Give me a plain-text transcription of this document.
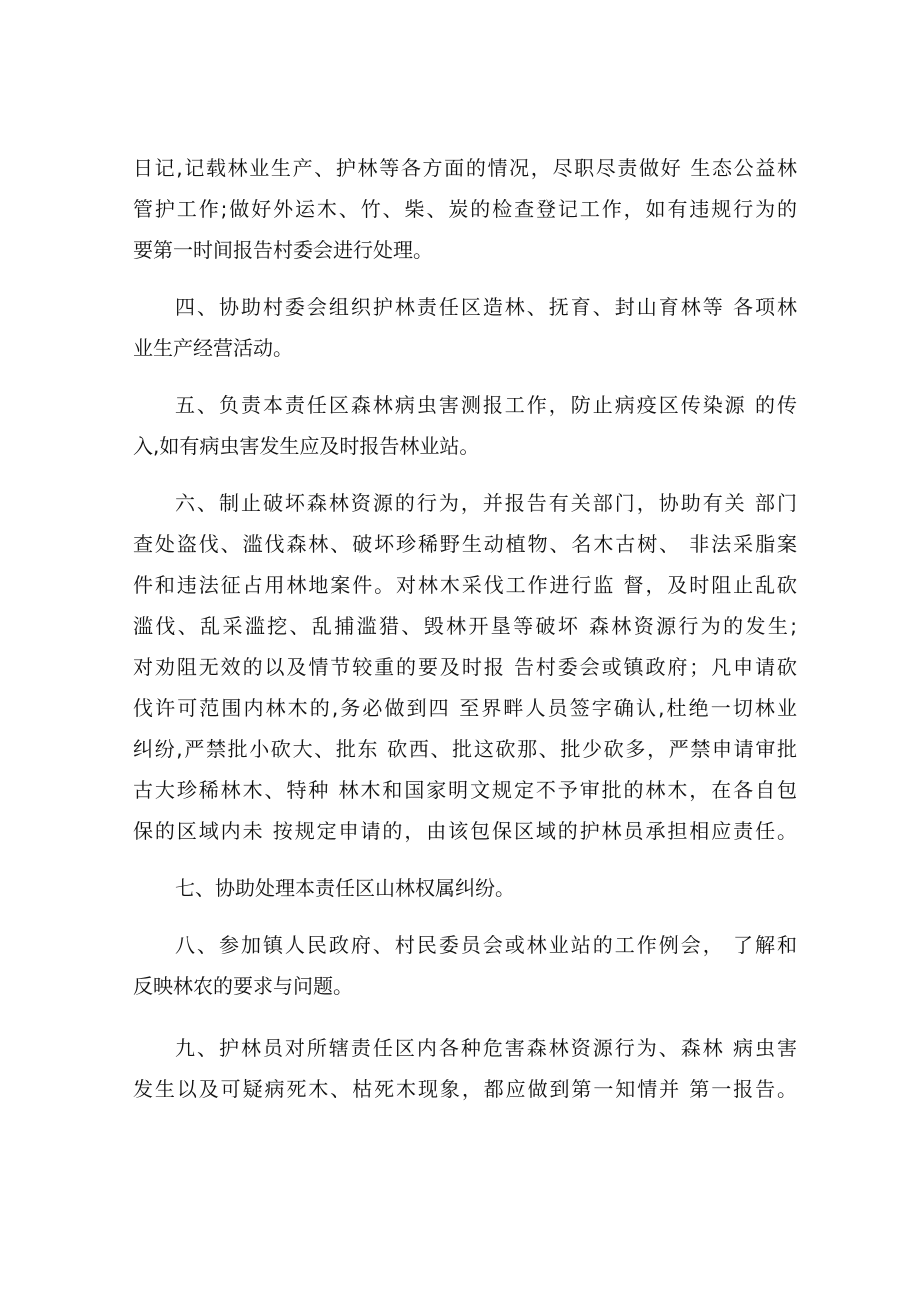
日记,记载林业生产、护林等各方面的情况，尽职尽责做好 生态公益林
管护工作;做好外运木、竹、柴、炭的检查登记工作，如有违规行为的
要第一时间报告村委会进行处理。
四、协助村委会组织护林责任区造林、抚育、封山育林等 各项林
业生产经营活动。
五、负责本责任区森林病虫害测报工作，防止病疫区传染源 的传
入,如有病虫害发生应及时报告林业站。
六、制止破坏森林资源的行为，并报告有关部门，协助有关 部门
查处盗伐、滥伐森林、破坏珍稀野生动植物、名木古树、 非法采脂案
件和违法征占用林地案件。对林木采伐工作进行监 督，及时阻止乱砍
滥伐、乱采滥挖、乱捕滥猎、毁林开垦等破坏 森林资源行为的发生;
对劝阻无效的以及情节较重的要及时报 告村委会或镇政府；凡申请砍
伐许可范围内林木的,务必做到四 至界畔人员签字确认,杜绝一切林业
纠纷,严禁批小砍大、批东 砍西、批这砍那、批少砍多，严禁申请审批
古大珍稀林木、特种 林木和国家明文规定不予审批的林木，在各自包
保的区域内未 按规定申请的，由该包保区域的护林员承担相应责任。
七、协助处理本责任区山林权属纠纷。
八、参加镇人民政府、村民委员会或林业站的工作例会， 了解和
反映林农的要求与问题。
九、护林员对所辖责任区内各种危害森林资源行为、森林 病虫害
发生以及可疑病死木、枯死木现象，都应做到第一知情并 第一报告。
